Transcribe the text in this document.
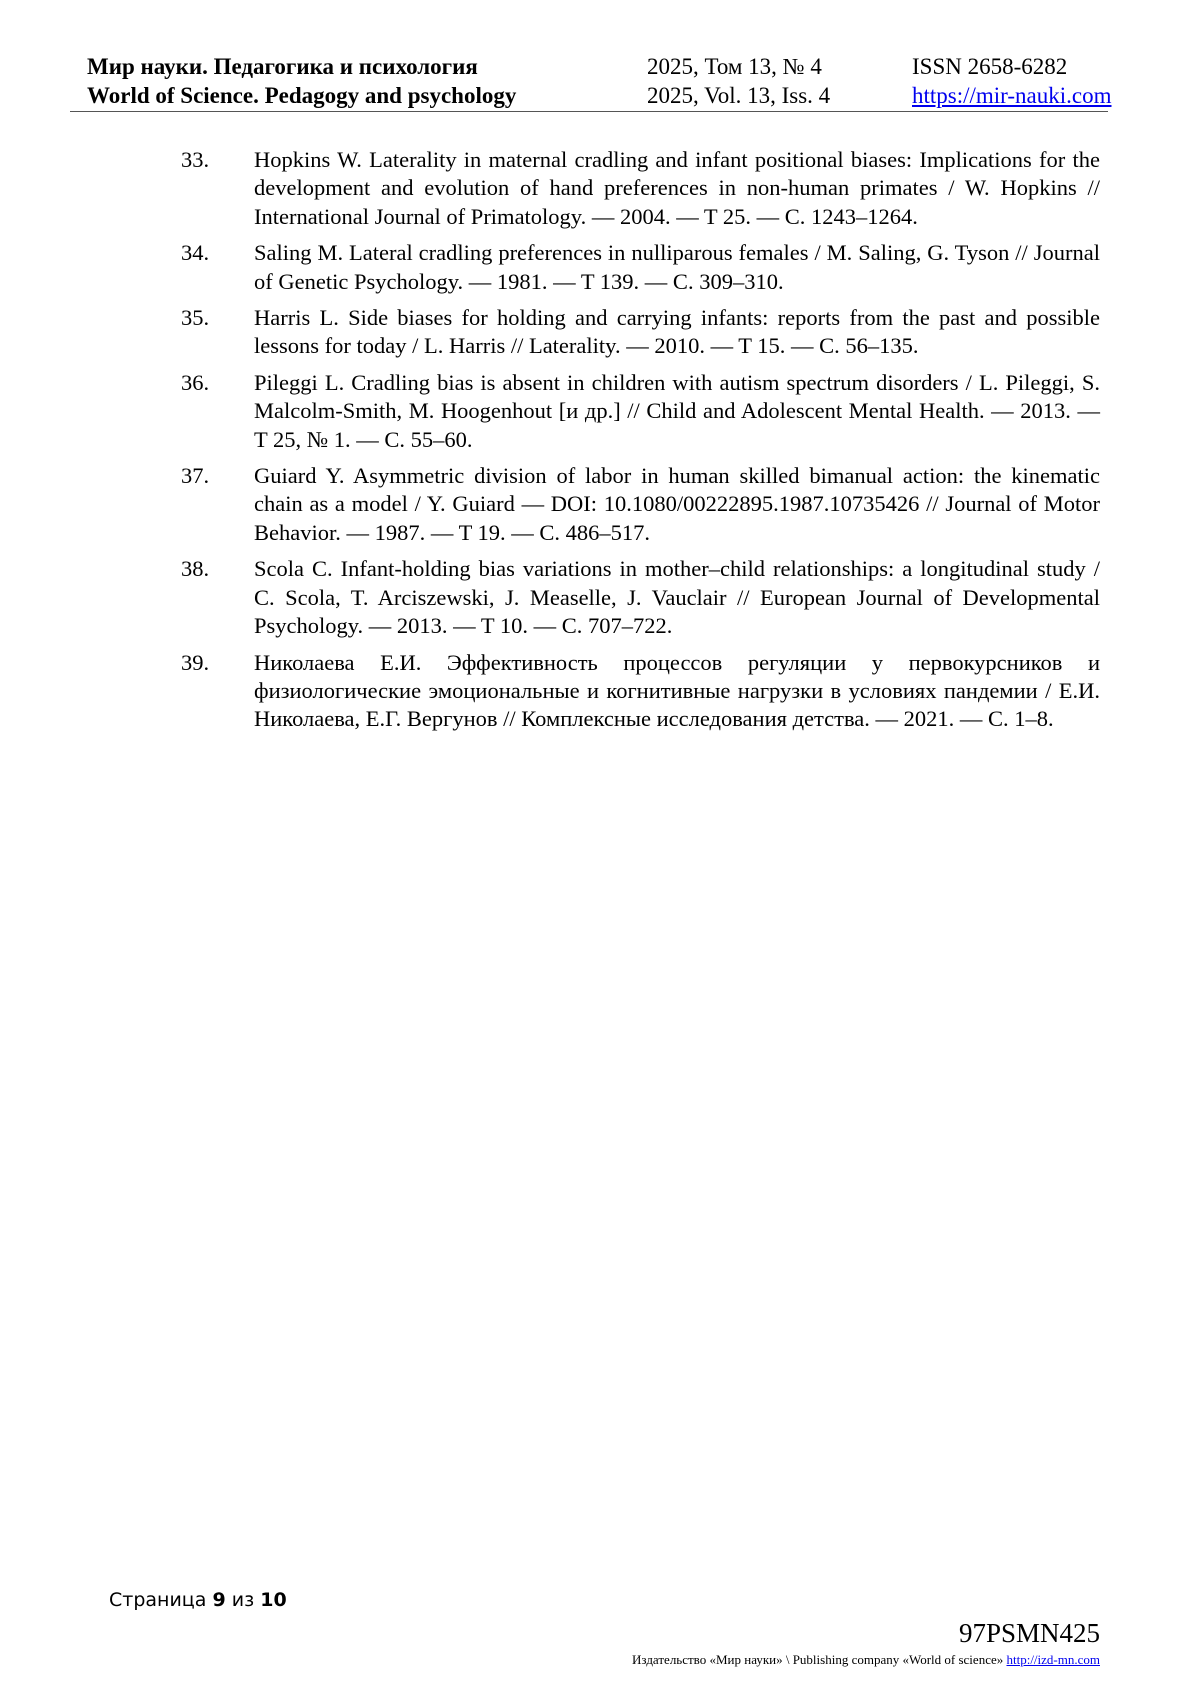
Мир науки. Педагогика и психология
World of Science. Pedagogy and psychology
2025, Том 13, № 4
2025, Vol. 13, Iss. 4
ISSN 2658-6282
https://mir-nauki.com
33. Hopkins W. Laterality in maternal cradling and infant positional biases: Implications for the development and evolution of hand preferences in non-human primates / W. Hopkins // International Journal of Primatology. — 2004. — T 25. — С. 1243–1264.
34. Saling M. Lateral cradling preferences in nulliparous females / M. Saling, G. Tyson // Journal of Genetic Psychology. — 1981. — T 139. — С. 309–310.
35. Harris L. Side biases for holding and carrying infants: reports from the past and possible lessons for today / L. Harris // Laterality. — 2010. — T 15. — С. 56–135.
36. Pileggi L. Cradling bias is absent in children with autism spectrum disorders / L. Pileggi, S. Malcolm-Smith, M. Hoogenhout [и др.] // Child and Adolescent Mental Health. — 2013. — T 25, № 1. — С. 55–60.
37. Guiard Y. Asymmetric division of labor in human skilled bimanual action: the kinematic chain as a model / Y. Guiard — DOI: 10.1080/00222895.1987.10735426 // Journal of Motor Behavior. — 1987. — T 19. — С. 486–517.
38. Scola C. Infant-holding bias variations in mother–child relationships: a longitudinal study / C. Scola, T. Arciszewski, J. Measelle, J. Vauclair // European Journal of Developmental Psychology. — 2013. — T 10. — С. 707–722.
39. Николаева Е.И. Эффективность процессов регуляции у первокурсников и физиологические эмоциональные и когнитивные нагрузки в условиях пандемии / Е.И. Николаева, Е.Г. Вергунов // Комплексные исследования детства. — 2021. — С. 1–8.
Страница 9 из 10
97PSMN425
Издательство «Мир науки» \ Publishing company «World of science» http://izd-mn.com
